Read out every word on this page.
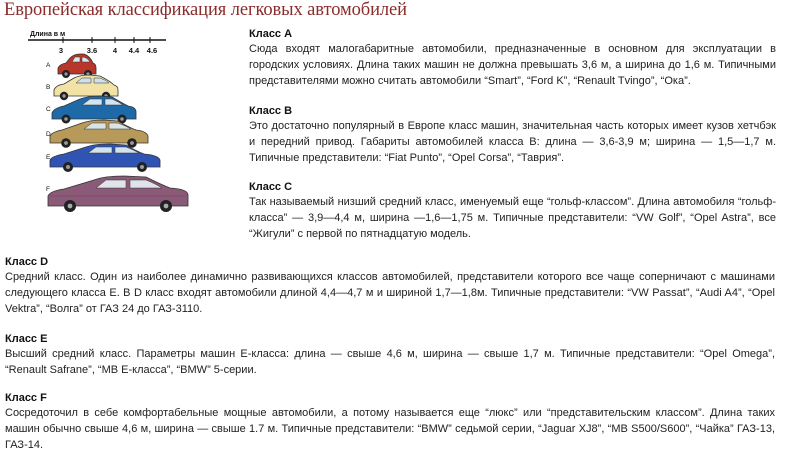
Европейская классификация легковых автомобилей
Длина в м
3	3.6 4 4.4 4.6
A
B
C
D
E
F
Класс A

Сюда входят малогабаритные автомобили, предназначенные в основном для эксплуатации в городских условиях. Длина таких машин не должна превышать 3,6 м, а ширина до 1,6 м. Типичными представителями можно считать автомобили “Smart”, “Ford K”, “Renault Tvingo”, “Ока”.

Класс B

Это достаточно популярный в Европе класс машин, значительная часть которых имеет кузов хетчбэк и передний привод. Габариты автомобилей класса B: длина — 3,6-3,9 м; ширина — 1,5—1,7 м. Типичные представители: “Fiat Punto”, “Opel Corsa”, “Таврия”.

Класс C

Так называемый низший средний класс, именуемый еще “гольф-классом”. Длина автомобиля “гольф-класса” — 3,9—4,4 м, ширина —1,6—1,75 м. Типичные представители: “VW Golf”, “Opel Astra”, все “Жигули” с первой по пятнадцатую модель.

Класс D

Средний класс. Один из наиболее динамично развивающихся классов автомобилей, представители которого все чаще соперничают с машинами следующего класса E. В D класс входят автомобили длиной 4,4—4,7 м и шириной 1,7—1,8м. Типичные представители: “VW Passat”, “Audi A4”, “Opel Vektra”, “Волга” от ГАЗ 24 до ГАЗ-3110.

Класс E

Высший средний класс. Параметры машин E-класса: длина — свыше 4,6 м, ширина — свыше 1,7 м. Типичные представители: “Opel Omega”, “Renault Safrane”, “MB E-класса”, “BMW” 5-серии.

Класс F

Сосредоточил в себе комфортабельные мощные автомобили, а потому называется еще “люкс” или “представительским классом”. Длина таких машин обычно свыше 4,6 м, ширина — свыше 1.7 м. Типичные представители: “BMW” седьмой серии, “Jaguar XJ8”, “MB S500/S600”, “Чайка” ГАЗ-13, ГАЗ-14.
